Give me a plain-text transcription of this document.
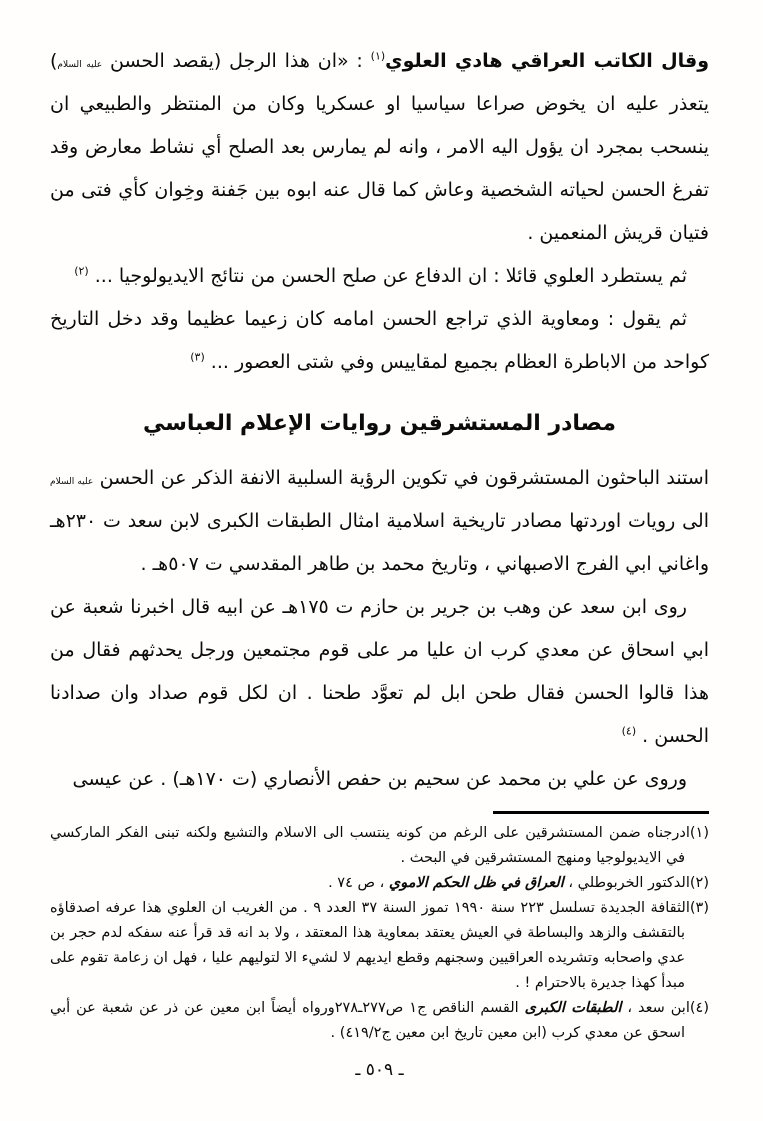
وقال الكاتب العراقي هادي العلوي$^{(١)}$ : «ان هذا الرجل (يقصد الحسن عليه السلام) يتعذر عليه ان يخوض صراعا سياسيا او عسكريا وكان من المنتظر والطبيعي ان ينسحب بمجرد ان يؤول اليه الامر ، وانه لم يمارس بعد الصلح أي نشاط معارض وقد تفرغ الحسن لحياته الشخصية وعاش كما قال عنه ابوه بين جَفنة وخِوان كأي فتى من فتيان قريش المنعمين .

ثم يستطرد العلوي قائلا : ان الدفاع عن صلح الحسن من نتائج الايديولوجيا ... $^{(٢)}$

ثم يقول : ومعاوية الذي تراجع الحسن امامه كان زعيما عظيما وقد دخل التاريخ كواحد من الاباطرة العظام بجميع لمقاييس وفي شتى العصور ... $^{(٣)}$

مصادر المستشرقين روايات الإعلام العباسي

استند الباحثون المستشرقون في تكوين الرؤية السلبية الانفة الذكر عن الحسن عليه السلام الى رويات اوردتها مصادر تاريخية اسلامية امثال الطبقات الكبرى لابن سعد ت ٢٣٠هـ واغاني ابي الفرج الاصبهاني ، وتاريخ محمد بن طاهر المقدسي ت ٥٠٧هـ .

روى ابن سعد عن وهب بن جرير بن حازم ت ١٧٥هـ عن ابيه قال اخبرنا شعبة عن ابي اسحاق عن معدي كرب ان عليا مر على قوم مجتمعين ورجل يحدثهم فقال من هذا قالوا الحسن فقال طحن ابل لم تعوَّد طحنا . ان لكل قوم صداد وان صدادنا الحسن . $^{(٤)}$

وروى عن علي بن محمد عن سحيم بن حفص الأنصاري (ت ١٧٠هـ) . عن عيسى

(١)ادرجناه ضمن المستشرقين على الرغم من كونه ينتسب الى الاسلام والتشيع ولكنه تبنى الفكر الماركسي في الايديولوجيا ومنهج المستشرقين في البحث .

(٢)الدكتور الخربوطلي ، العراق في ظل الحكم الاموي ، ص ٧٤ .

(٣)الثقافة الجديدة تسلسل ٢٢٣ سنة ١٩٩٠ تموز السنة ٣٧ العدد ٩ . من الغريب ان العلوي هذا عرفه اصدقاؤه بالتقشف والزهد والبساطة في العيش يعتقد بمعاوية هذا المعتقد ، ولا بد انه قد قرأ عنه سفكه لدم حجر بن عدي واصحابه وتشريده العراقيين وسجنهم وقطع ايديهم لا لشيء الا لتوليهم عليا ، فهل ان زعامة تقوم على مبدأ كهذا جديرة بالاحترام ! .

(٤)ابن سعد ، الطبقات الكبرى القسم الناقص ج١ ص٢٧٧ـ٢٧٨ورواه أيضاً ابن معين عن ذر عن شعبة عن أبي اسحق عن معدي كرب (ابن معين تاريخ ابن معين ج٤١٩/٢) .

ـ ٥٠٩ ـ
